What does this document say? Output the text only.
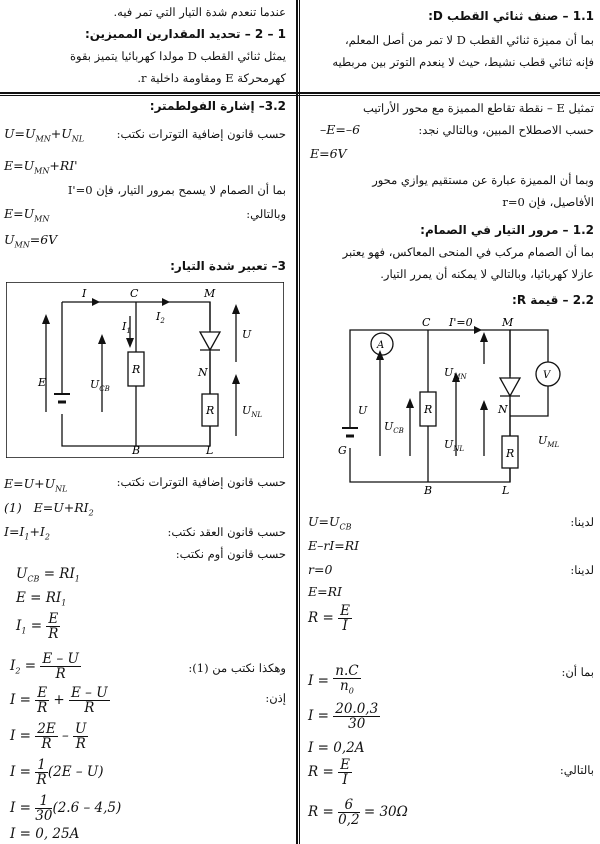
1.1 – صنف ثنائي القطب D:
بما أن مميزة ثنائي القطب D لا تمر من أصل المعلم،
فإنه ثنائي قطب نشيط، حيث لا ينعدم التوتر بين مربطيه
تمثيل E – نقطة تقاطع المميزة مع محور الأراتيب
حسب الاصطلاح المبين، وبالتالي نجد:
–E=–6
E=6V
وبما أن المميزة عبارة عن مستقيم يوازي محور
الأفاصيل، فإن r=0
1.2 – مرور التيار في الصمام:
بما أن الصمام مركب في المنحى المعاكس، فهو يعتبر
عازلا كهربائيا، وبالتالي لا يمكنه أن يمرر التيار.
2.2 – قيمة R:
A
V
C I'=0	M
R
R
N
U
$U_{CB}$
$U_{MN}$
$U_{NL}$
$U_{ML}$
G
B	L
لدينا:
$U=U_{CB}$
E–rI=RI
لدينا:
r=0
E=RI
$R = \frac{E}{I}$
بما أن:
$I = \frac{n.C}{n_0}$
$I = \frac{20.0,3}{30}$
I = 0,2A
بالتالي:
$R = \frac{E}{I}$
$R = \frac{6}{0,2} = 30\Omega$
عندما تنعدم شدة التيار التي تمر فيه.
1 – 2 – تحديد المقدارين المميزين:
يمثل ثنائي القطب D مولدا كهربائيا يتميز بقوة
كهرمحركة E ومقاومة داخلية r.
3.2– إشارة الفولطمتر:
حسب قانون إضافية التوترات نكتب:
$U=U_{MN}+U_{NL}$
$E=U_{MN}+RI'$
بما أن الصمام لا يسمح بمرور التيار، فإن I'=0
وبالتالي:
$E=U_{MN}$
$U_{MN}=6V$
3– تعبير شدة التيار:
I	C	M
$I_1$
$I_2$
R
R
N
U
E	$U_{CB}$
$U_{NL}$
B	L
حسب قانون إضافية التوترات نكتب:
$E=U+U_{NL}$
(1) $E=U+RI_2$
حسب قانون العقد نكتب:
$I=I_1+I_2$
حسب قانون أوم نكتب:
$U_{CB} = RI_1$
$E = RI_1$
$I_1 = \frac{E}{R}$
وهكذا نكتب من (1):
$I_2 = \frac{E - U}{R}$
إذن:
$I = \frac{E}{R} + \frac{E - U}{R}$
$I = \frac{2E}{R} - \frac{U}{R}$
$I = \frac{1}{R} (2E - U)$
$I = \frac{1}{30} (2.6 - 4,5)$
I = 0, 25A
